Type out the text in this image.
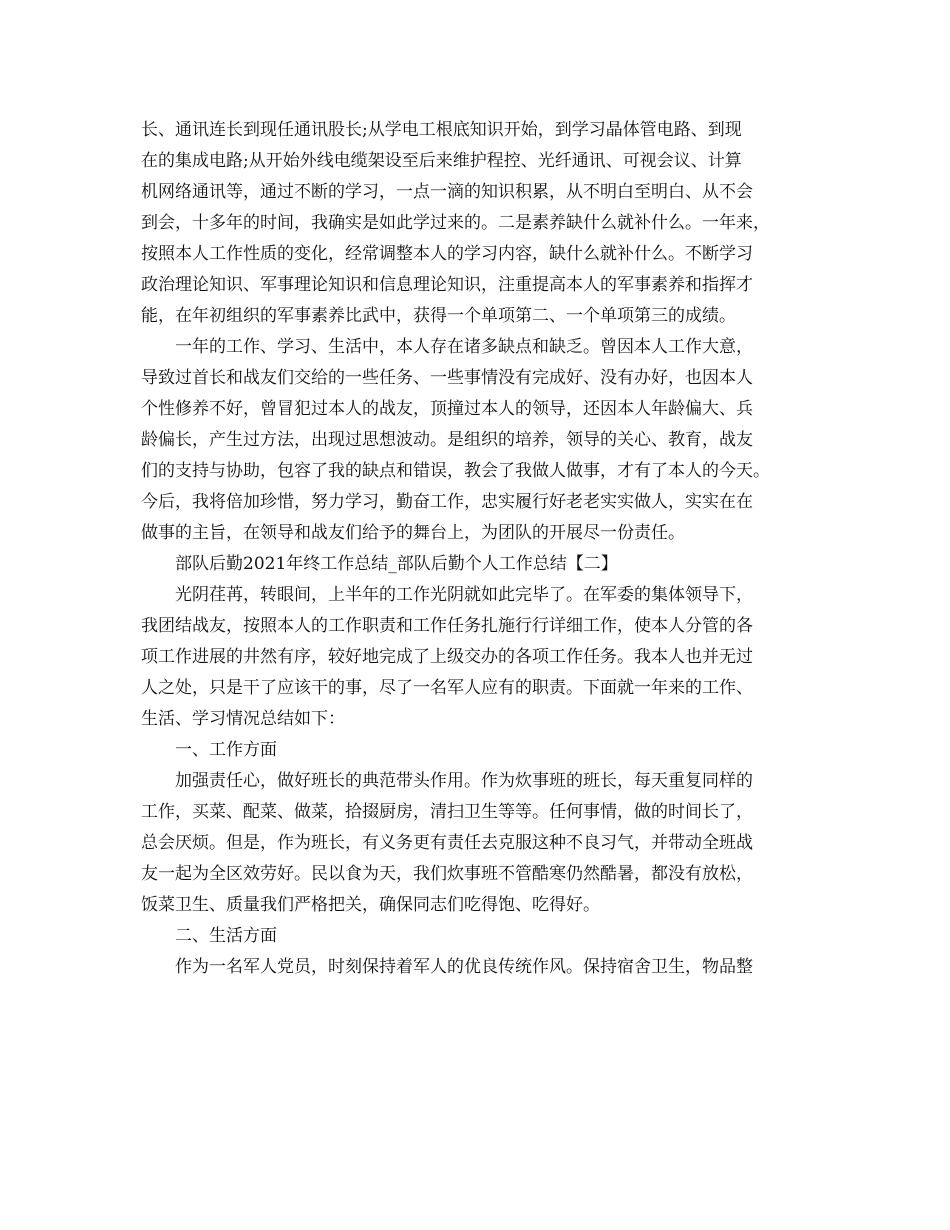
长、通讯连长到现任通讯股长;从学电工根底知识开始，到学习晶体管电路、到现
在的集成电路;从开始外线电缆架设至后来维护程控、光纤通讯、可视会议、计算
机网络通讯等，通过不断的学习，一点一滴的知识积累，从不明白至明白、从不会
到会，十多年的时间，我确实是如此学过来的。二是素养缺什么就补什么。一年来，
按照本人工作性质的变化，经常调整本人的学习内容，缺什么就补什么。不断学习
政治理论知识、军事理论知识和信息理论知识，注重提高本人的军事素养和指挥才
能，在年初组织的军事素养比武中，获得一个单项第二、一个单项第三的成绩。
一年的工作、学习、生活中，本人存在诸多缺点和缺乏。曾因本人工作大意，
导致过首长和战友们交给的一些任务、一些事情没有完成好、没有办好，也因本人
个性修养不好，曾冒犯过本人的战友，顶撞过本人的领导，还因本人年龄偏大、兵
龄偏长，产生过方法，出现过思想波动。是组织的培养，领导的关心、教育，战友
们的支持与协助，包容了我的缺点和错误，教会了我做人做事，才有了本人的今天。
今后，我将倍加珍惜，努力学习，勤奋工作，忠实履行好老老实实做人，实实在在
做事的主旨，在领导和战友们给予的舞台上，为团队的开展尽一份责任。
部队后勤2021年终工作总结_部队后勤个人工作总结【二】
光阴荏苒，转眼间，上半年的工作光阴就如此完毕了。在军委的集体领导下，
我团结战友，按照本人的工作职责和工作任务扎施行行详细工作，使本人分管的各
项工作进展的井然有序，较好地完成了上级交办的各项工作任务。我本人也并无过
人之处，只是干了应该干的事，尽了一名军人应有的职责。下面就一年来的工作、
生活、学习情况总结如下：
一、工作方面
加强责任心，做好班长的典范带头作用。作为炊事班的班长，每天重复同样的
工作，买菜、配菜、做菜，拾掇厨房，清扫卫生等等。任何事情，做的时间长了，
总会厌烦。但是，作为班长，有义务更有责任去克服这种不良习气，并带动全班战
友一起为全区效劳好。民以食为天，我们炊事班不管酷寒仍然酷暑，都没有放松，
饭菜卫生、质量我们严格把关，确保同志们吃得饱、吃得好。
二、生活方面
作为一名军人党员，时刻保持着军人的优良传统作风。保持宿舍卫生，物品整
